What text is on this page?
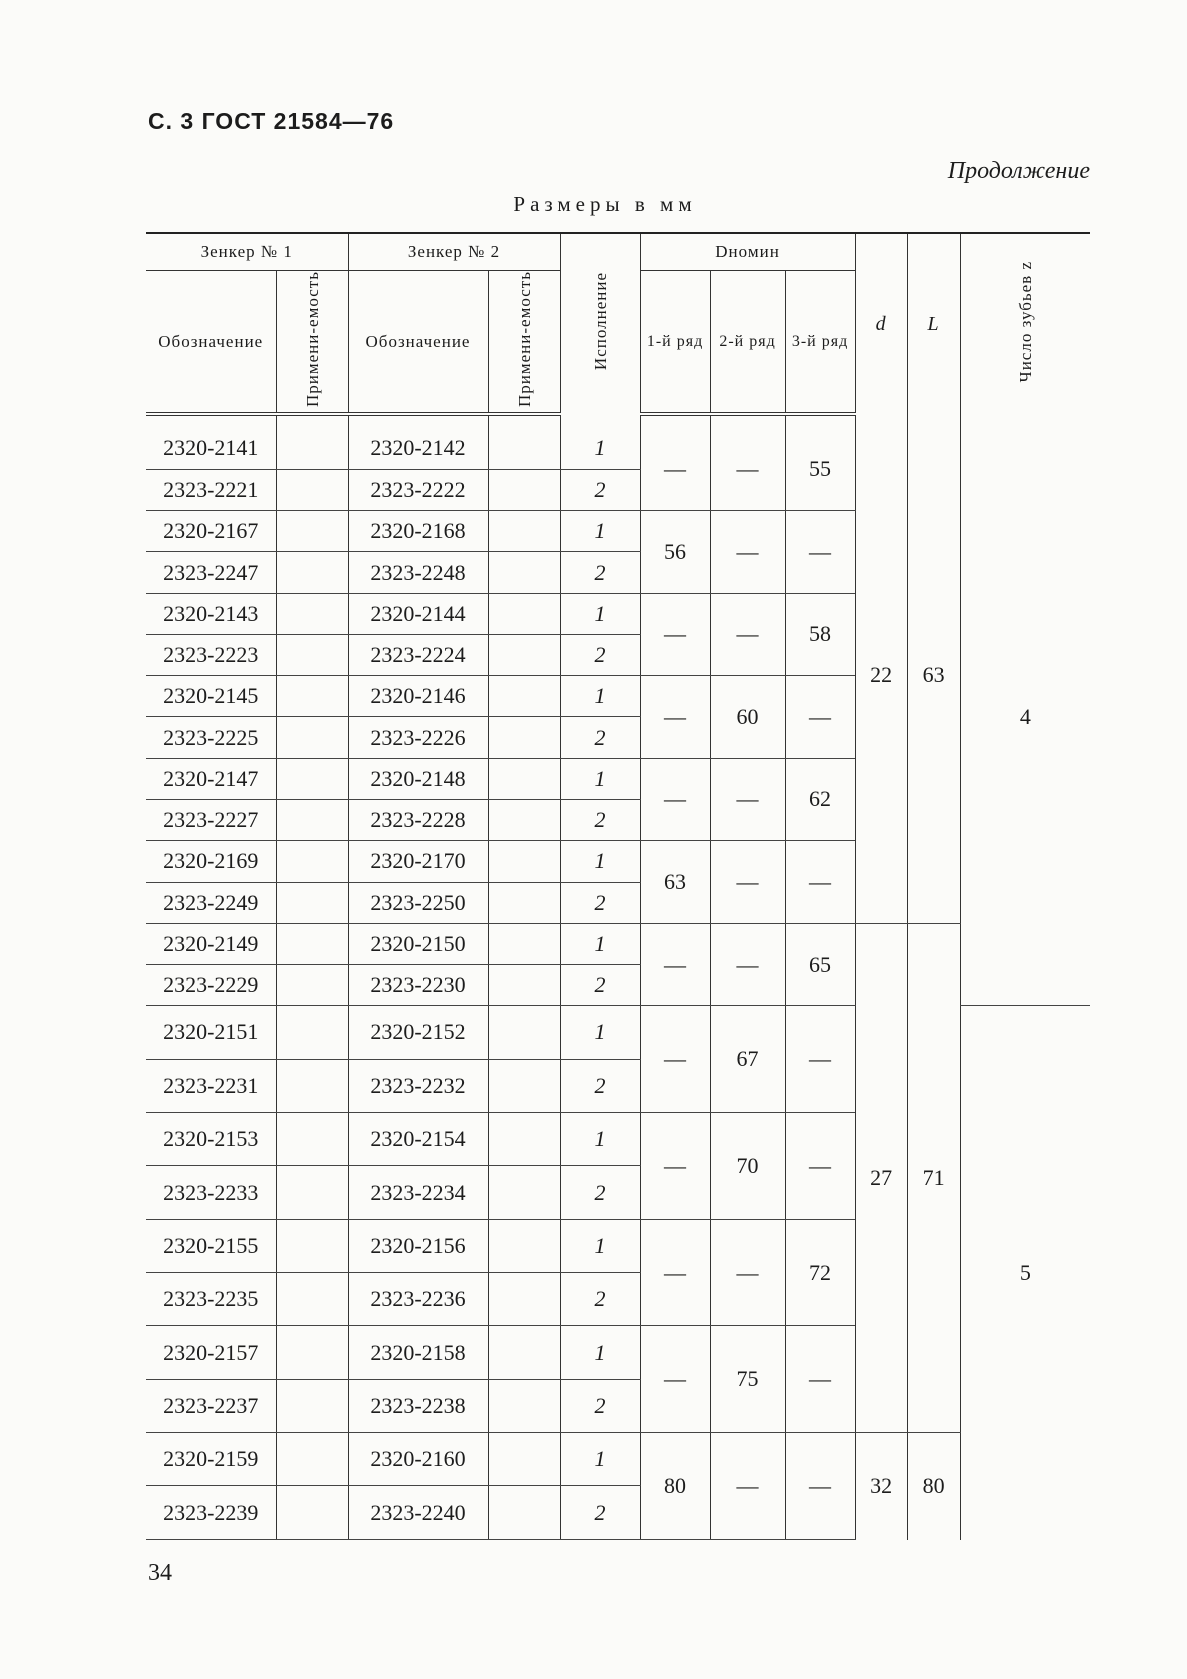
С. 3 ГОСТ 21584—76
Продолжение
Размеры в мм
Зенкер № 1		Зенкер № 2		Исполнение	Dномин			d	L	Число зубьев z
Обозначение	Примени-емость	Обозначение	Примени-емость		1-й ряд	2-й ряд	3-й ряд			

2320-2141		2320-2142		1	—	—	55	22	63	4
2323-2221		2323-2222		2						
2320-2167		2320-2168		1	56	—	—			
2323-2247		2323-2248		2						
2320-2143		2320-2144		1	—	—	58			
2323-2223		2323-2224		2						
2320-2145		2320-2146		1	—	60	—			
2323-2225		2323-2226		2						
2320-2147		2320-2148		1	—	—	62			
2323-2227		2323-2228		2						
2320-2169		2320-2170		1	63	—	—			
2323-2249		2323-2250		2						
2320-2149		2320-2150		1	—	—	65	27	71	
2323-2229		2323-2230		2						
2320-2151		2320-2152		1	—	67	—			5
2323-2231		2323-2232		2						
2320-2153		2320-2154		1	—	70	—			
2323-2233		2323-2234		2						
2320-2155		2320-2156		1	—	—	72			
2323-2235		2323-2236		2						
2320-2157		2320-2158		1	—	75	—			
2323-2237		2323-2238		2						
2320-2159		2320-2160		1	80	—	—	32	80	
2323-2239		2323-2240		2						
34
